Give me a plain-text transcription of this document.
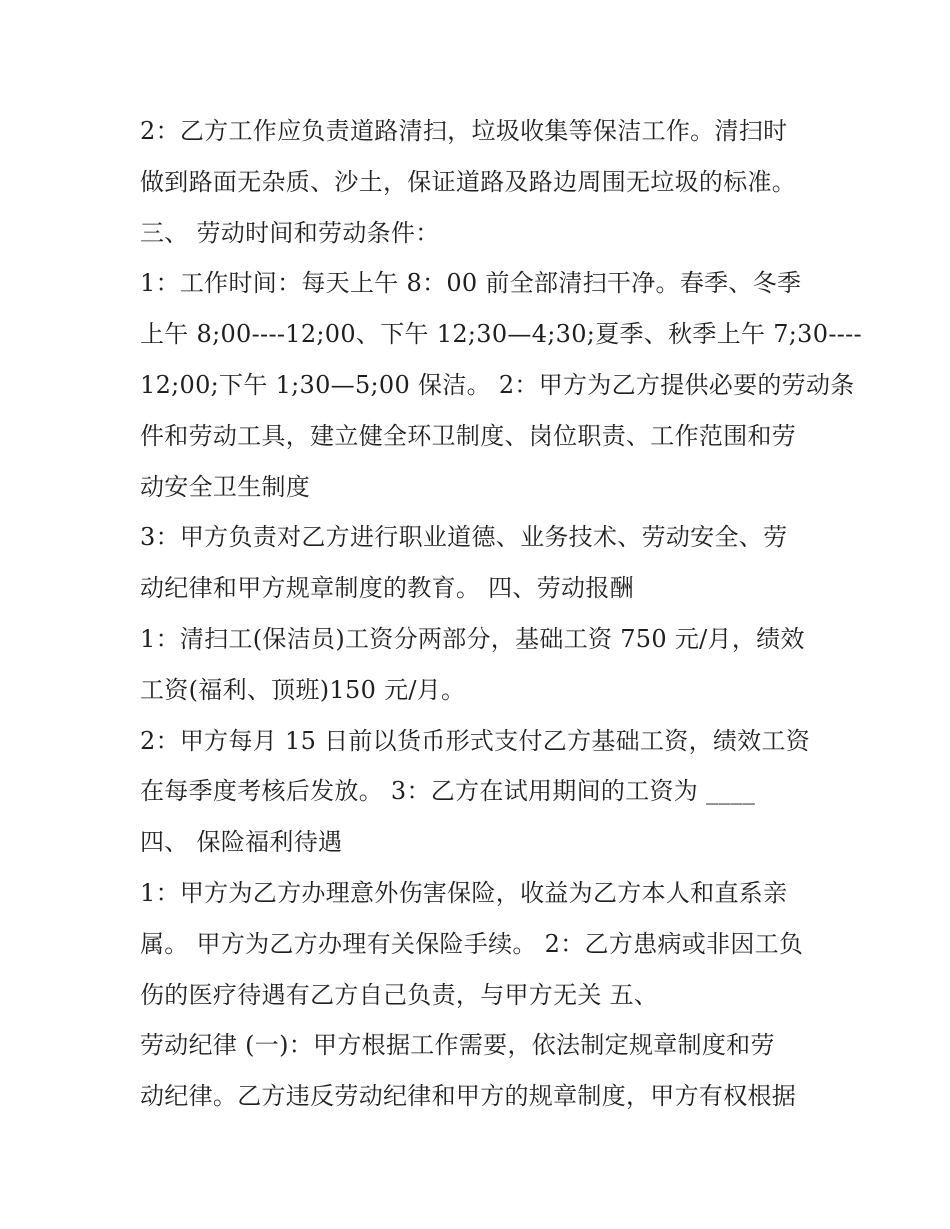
2：乙方工作应负责道路清扫，垃圾收集等保洁工作。清扫时
做到路面无杂质、沙土，保证道路及路边周围无垃圾的标准。
三、 劳动时间和劳动条件：
1：工作时间：每天上午 8：00 前全部清扫干净。春季、冬季
上午 8;00----12;00、下午 12;30—4;30;夏季、秋季上午 7;30----
12;00;下午 1;30—5;00 保洁。 2：甲方为乙方提供必要的劳动条
件和劳动工具，建立健全环卫制度、岗位职责、工作范围和劳
动安全卫生制度
3：甲方负责对乙方进行职业道德、业务技术、劳动安全、劳
动纪律和甲方规章制度的教育。 四、劳动报酬
1：清扫工(保洁员)工资分两部分，基础工资 750 元/月，绩效
工资(福利、顶班)150 元/月。
2：甲方每月 15 日前以货币形式支付乙方基础工资，绩效工资
在每季度考核后发放。 3：乙方在试用期间的工资为 ____
四、 保险福利待遇
1：甲方为乙方办理意外伤害保险，收益为乙方本人和直系亲
属。 甲方为乙方办理有关保险手续。 2：乙方患病或非因工负
伤的医疗待遇有乙方自己负责，与甲方无关 五、
劳动纪律 (一)：甲方根据工作需要，依法制定规章制度和劳
动纪律。乙方违反劳动纪律和甲方的规章制度，甲方有权根据
